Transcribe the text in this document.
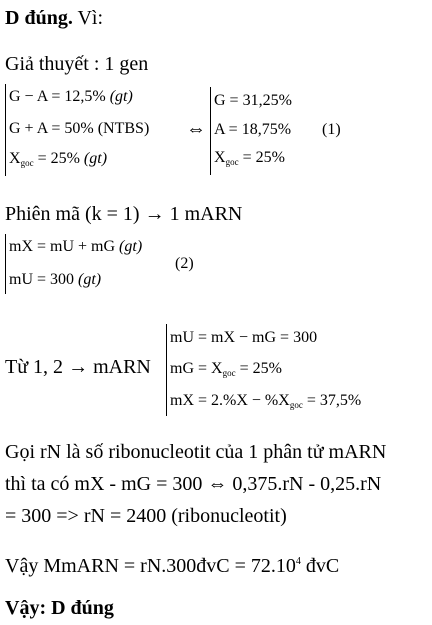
D đúng. Vì:
Giả thuyết : 1 gen
G − A = 12,5% (gt)
G + A = 50% (NTBS)
$X_{goc} = 25\%$ (gt)
⇔
G = 31,25%
A = 18,75%
$X_{goc} = 25\%$
(1)
Phiên mã (k = 1) → 1 mARN
mX = mU + mG (gt)
mU = 300 (gt)
(2)
Từ 1, 2 → mARN
mU = mX − mG = 300
mG = $X_{goc} = 25\%$
mX = $2.\%X - \%X_{goc} = 37,5\%$
Gọi rN là số ribonucleotit của 1 phân tử mARN
thì ta có mX - mG = 300 ⇔ 0,375.rN - 0,25.rN
= 300 => rN = 2400 (ribonucleotit)
Vậy MmARN = rN.300đvC = $72.10^4$ đvC
Vậy: D đúng
